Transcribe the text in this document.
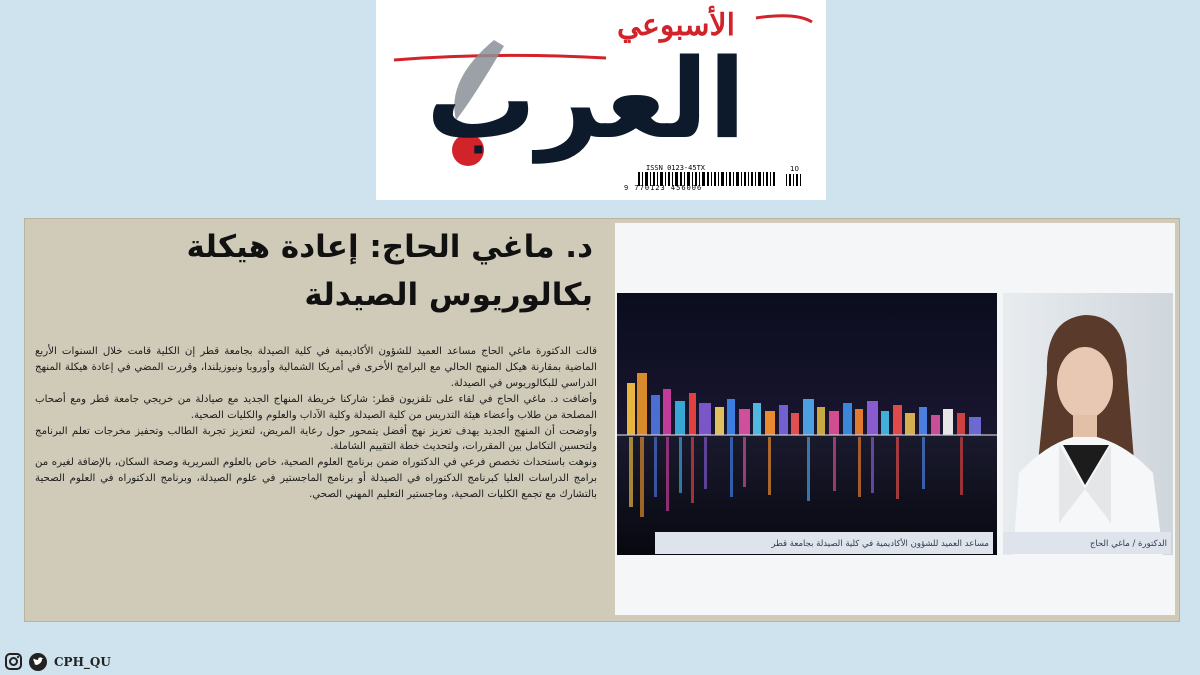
الأسبوعي
العرب
ISSN 0123-45TX
9 770123 456006
10
د. ماغي الحاج: إعادة هيكلة
بكالوريوس الصيدلة

قالت الدكتورة ماغي الحاج مساعد العميد للشؤون الأكاديمية في كلية الصيدلة بجامعة قطر إن الكلية قامت خلال السنوات الأربع الماضية بمقارنة هيكل المنهج الحالي مع البرامج الأخرى في أمريكا الشمالية وأوروبا ونيوزيلندا، وقررت المضي في إعادة هيكلة المنهج الدراسي للبكالوريوس في الصيدلة.

وأضافت د. ماغي الحاج في لقاء على تلفزيون قطر: شاركنا خريطة المنهاج الجديد مع صيادلة من خريجي جامعة قطر ومع أصحاب المصلحة من طلاب وأعضاء هيئة التدريس من كلية الصيدلة وكلية الآداب والعلوم والكليات الصحية.

وأوضحت أن المنهج الجديد يهدف تعزيز نهج أفضل يتمحور حول رعاية المريض، لتعزيز تجربة الطالب وتحفيز مخرجات تعلم البرنامج ولتحسين التكامل بين المقررات، ولتحديث خطة التقييم الشاملة.

ونوهت باستحداث تخصص فرعي في الدكتوراه ضمن برنامج العلوم الصحية، خاص بالعلوم السريرية وصحة السكان، بالإضافة لغيره من برامج الدراسات العليا كبرنامج الدكتوراه في الصيدلة أو برنامج الماجستير في علوم الصيدلة، وبرنامج الدكتوراه في العلوم الصحية بالتشارك مع تجمع الكليات الصحية، وماجستير التعليم المهني الصحي.

مساعد العميد للشؤون الأكاديمية في كلية الصيدلة بجامعة قطر	الدكتورة / ماغي الحاج
CPH_QU
